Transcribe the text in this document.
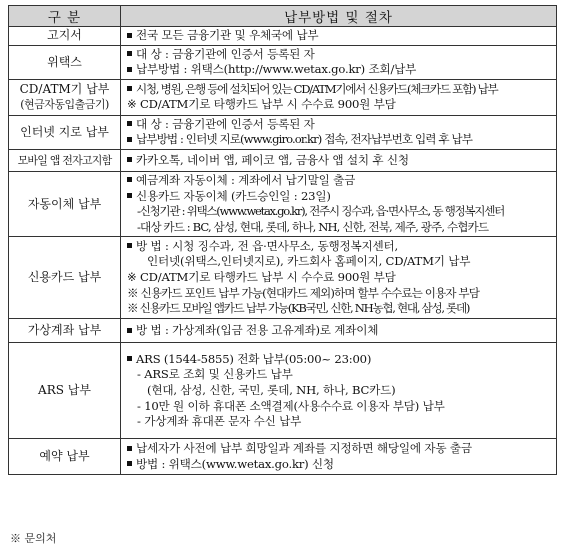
구 분	납부방법 및 절차
고지서	전국 모든 금융기관 및 우체국에 납부

위택스	대 상 : 금융기관에 인증서 등록된 자
납부방법 : 위택스(http://www.wetax.go.kr) 조회/납부

CD/ATM기 납부
(현금자동입출금기)	시청, 병원, 은행 등에 설치되어 있는 CD/ATM기에서 신용카드(체크카드 포함) 납부
※ CD/ATM기로 타행카드 납부 시 수수료 900원 부담

인터넷 지로 납부	대 상 : 금융기관에 인증서 등록된 자
납부방법 : 인터넷 지로(www.giro.or.kr) 접속, 전자납부번호 입력 후 납부

모바일 앱 전자고지함	카카오톡, 네이버 앱, 페이코 앱, 금융사 앱 설치 후 신청

자동이체 납부	예금계좌 자동이체 : 계좌에서 납기말일 출금
신용카드 자동이체 (카드승인일 : 23일)
-신청기관 : 위택스(www.wetax.go.kr), 전주시 징수과, 읍·면사무소, 동 행정복지센터
-대상 카드 : BC, 삼성, 현대, 롯데, 하나, NH, 신한, 전북, 제주, 광주, 수협카드

신용카드 납부	방 법 : 시청 징수과, 전 읍·면사무소, 동행정복지센터,
인터넷(위택스,인터넷지로), 카드회사 홈페이지, CD/ATM기 납부
※ CD/ATM기로 타행카드 납부 시 수수료 900원 부담
※ 신용카드 포인트 납부 가능(현대카드 제외)하며 할부 수수료는 이용자 부담
※ 신용카드 모바일 앱카드 납부 가능(KB국민, 신한, NH농협, 현대, 삼성, 롯데)

가상계좌 납부	방 법 : 가상계좌(입금 전용 고유계좌)로 계좌이체

ARS 납부	ARS (1544-5855) 전화 납부(05:00~ 23:00)
- ARS로 조회 및 신용카드 납부
(현대, 삼성, 신한, 국민, 롯데, NH, 하나, BC카드)
- 10만 원 이하 휴대폰 소액결제(사용수수료 이용자 부담) 납부
- 가상계좌 휴대폰 문자 수신 납부

예약 납부	납세자가 사전에 납부 희망일과 계좌를 지정하면 해당일에 자동 출금
방법 : 위택스(www.wetax.go.kr) 신청
※ 문의처
